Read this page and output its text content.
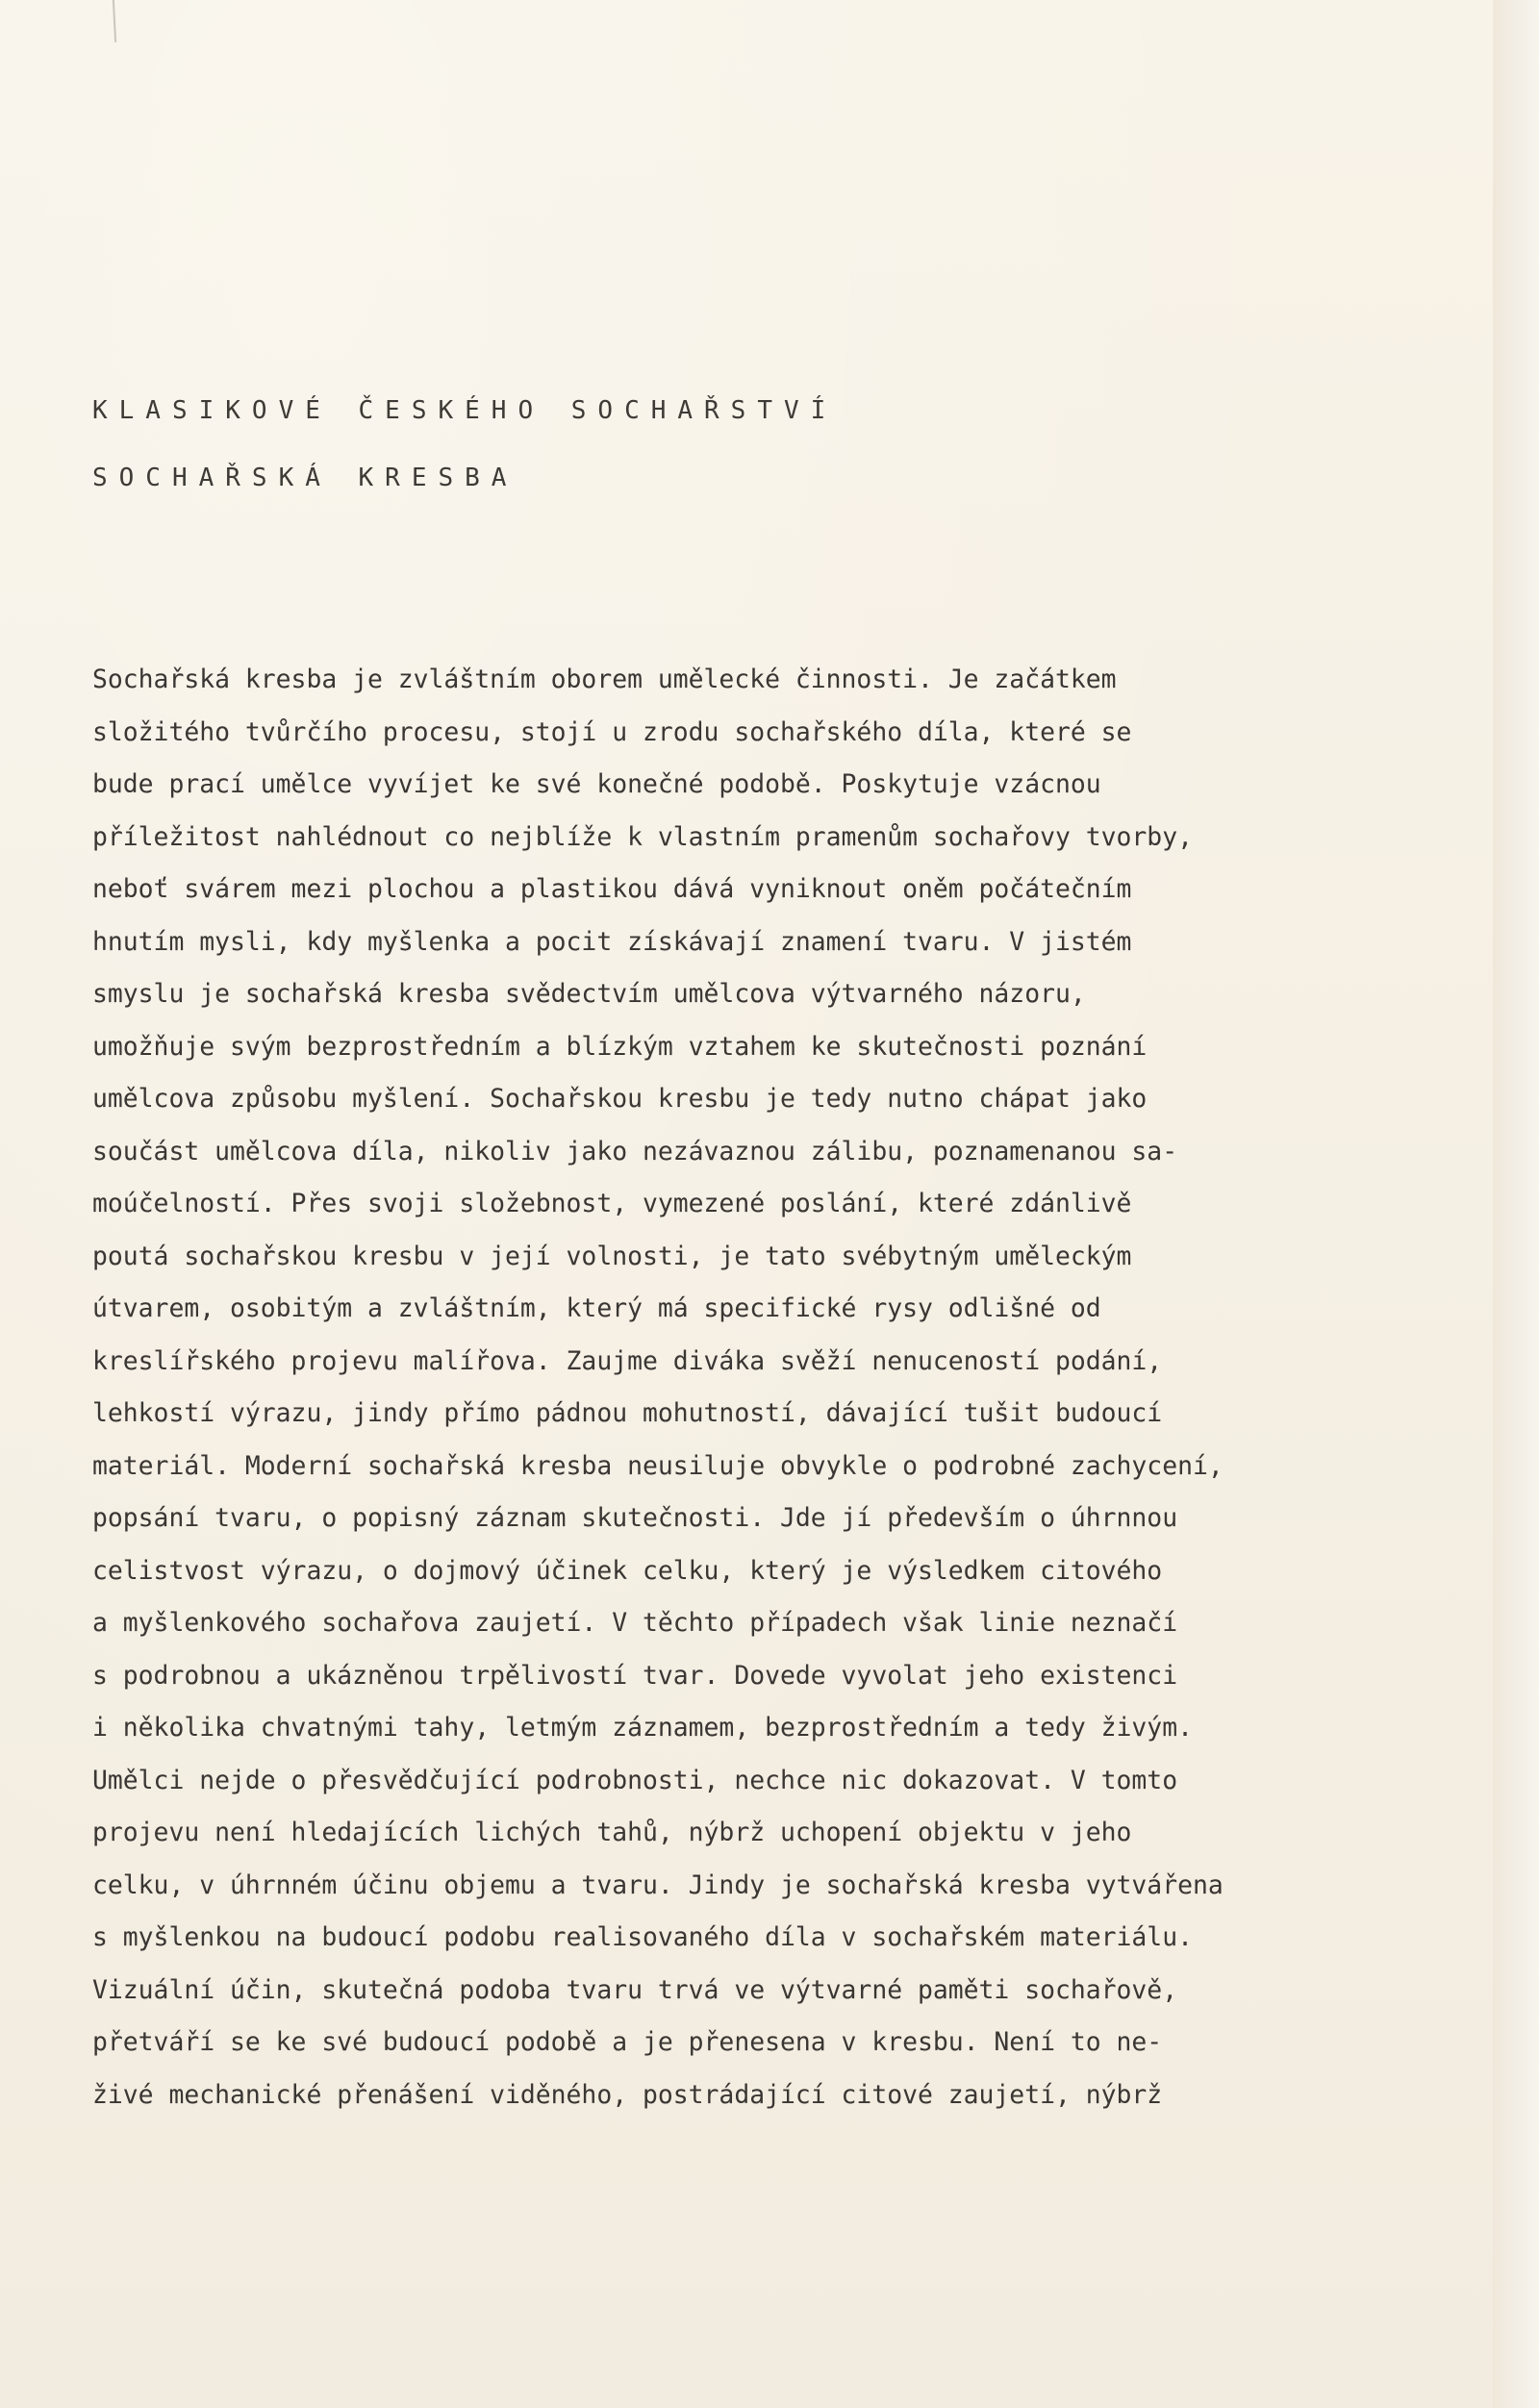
KLASIKOVÉ ČESKÉHO SOCHAŘSTVÍ
SOCHAŘSKÁ KRESBA
Sochařská kresba je zvláštním oborem umělecké činnosti. Je začátkem
složitého tvůrčího procesu, stojí u zrodu sochařského díla, které se
bude prací umělce vyvíjet ke své konečné podobě. Poskytuje vzácnou
příležitost nahlédnout co nejblíže k vlastním pramenům sochařovy tvorby,
neboť svárem mezi plochou a plastikou dává vyniknout oněm počátečním
hnutím mysli, kdy myšlenka a pocit získávají znamení tvaru. V jistém
smyslu je sochařská kresba svědectvím umělcova výtvarného názoru,
umožňuje svým bezprostředním a blízkým vztahem ke skutečnosti poznání
umělcova způsobu myšlení. Sochařskou kresbu je tedy nutno chápat jako
součást umělcova díla, nikoliv jako nezávaznou zálibu, poznamenanou sa-
moúčelností. Přes svoji složebnost, vymezené poslání, které zdánlivě
poutá sochařskou kresbu v její volnosti, je tato svébytným uměleckým
útvarem, osobitým a zvláštním, který má specifické rysy odlišné od
kreslířského projevu malířova. Zaujme diváka svěží nenuceností podání,
lehkostí výrazu, jindy přímo pádnou mohutností, dávající tušit budoucí
materiál. Moderní sochařská kresba neusiluje obvykle o podrobné zachycení,
popsání tvaru, o popisný záznam skutečnosti. Jde jí především o úhrnnou
celistvost výrazu, o dojmový účinek celku, který je výsledkem citového
a myšlenkového sochařova zaujetí. V těchto případech však linie neznačí
s podrobnou a ukázněnou trpělivostí tvar. Dovede vyvolat jeho existenci
i několika chvatnými tahy, letmým záznamem, bezprostředním a tedy živým.
Umělci nejde o přesvědčující podrobnosti, nechce nic dokazovat. V tomto
projevu není hledajících lichých tahů, nýbrž uchopení objektu v jeho
celku, v úhrnném účinu objemu a tvaru. Jindy je sochařská kresba vytvářena
s myšlenkou na budoucí podobu realisovaného díla v sochařském materiálu.
Vizuální účin, skutečná podoba tvaru trvá ve výtvarné paměti sochařově,
přetváří se ke své budoucí podobě a je přenesena v kresbu. Není to ne-
živé mechanické přenášení viděného, postrádající citové zaujetí, nýbrž
